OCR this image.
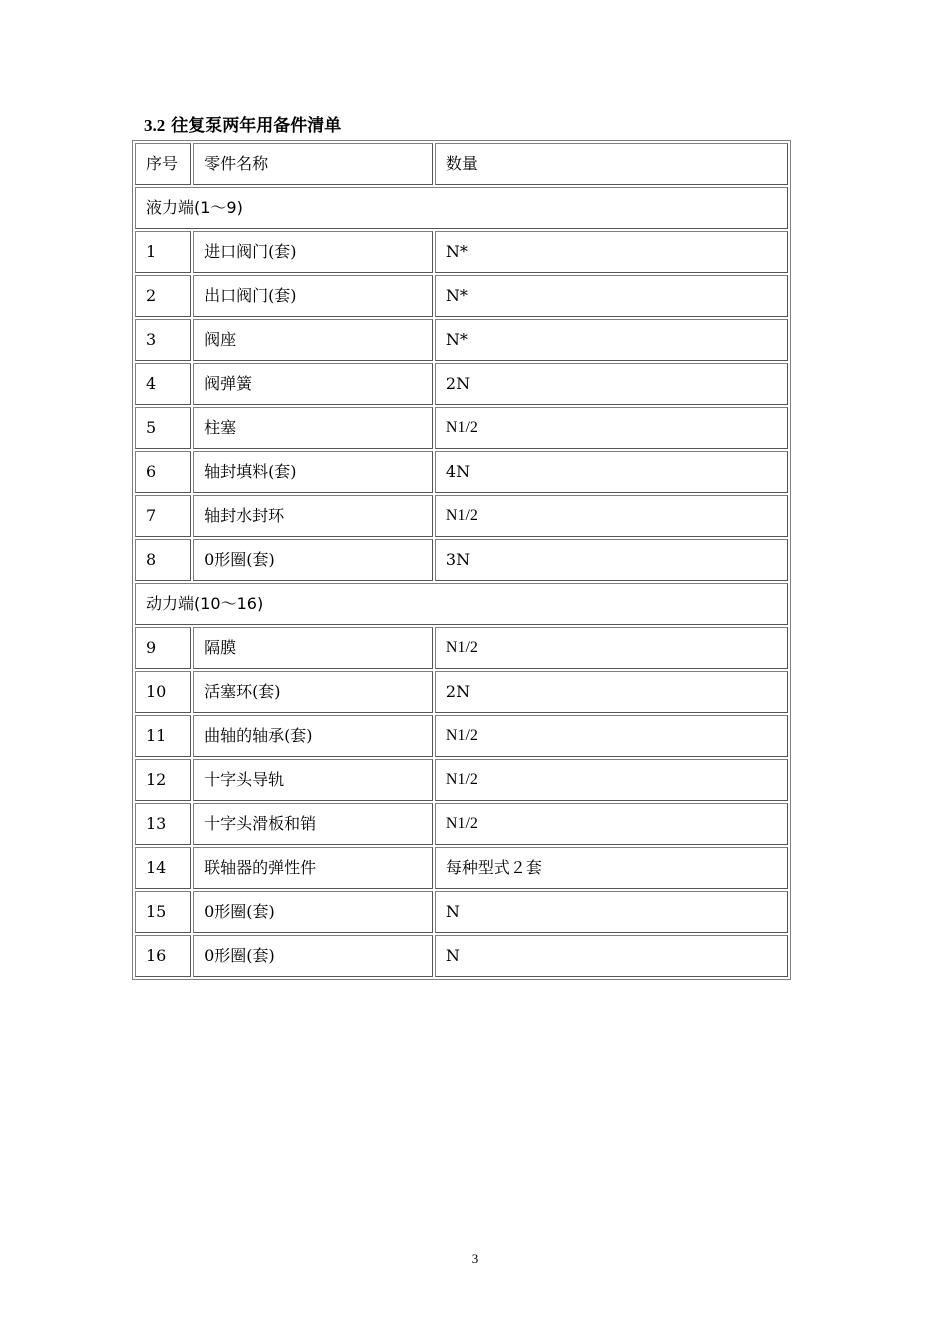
3.2 往复泵两年用备件清单
序号	零件名称	数量
液力端(1～9)		
1	进口阀门(套)	N*
2	出口阀门(套)	N*
3	阀座	N*
4	阀弹簧	2N
5	柱塞	N1/2
6	轴封填料(套)	4N
7	轴封水封环	N1/2
8	0形圈(套)	3N
动力端(10～16)		
9	隔膜	N1/2
10	活塞环(套)	2N
11	曲轴的轴承(套)	N1/2
12	十字头导轨	N1/2
13	十字头滑板和销	N1/2
14	联轴器的弹性件	每种型式２套
15	0形圈(套)	N
16	0形圈(套)	N
3
